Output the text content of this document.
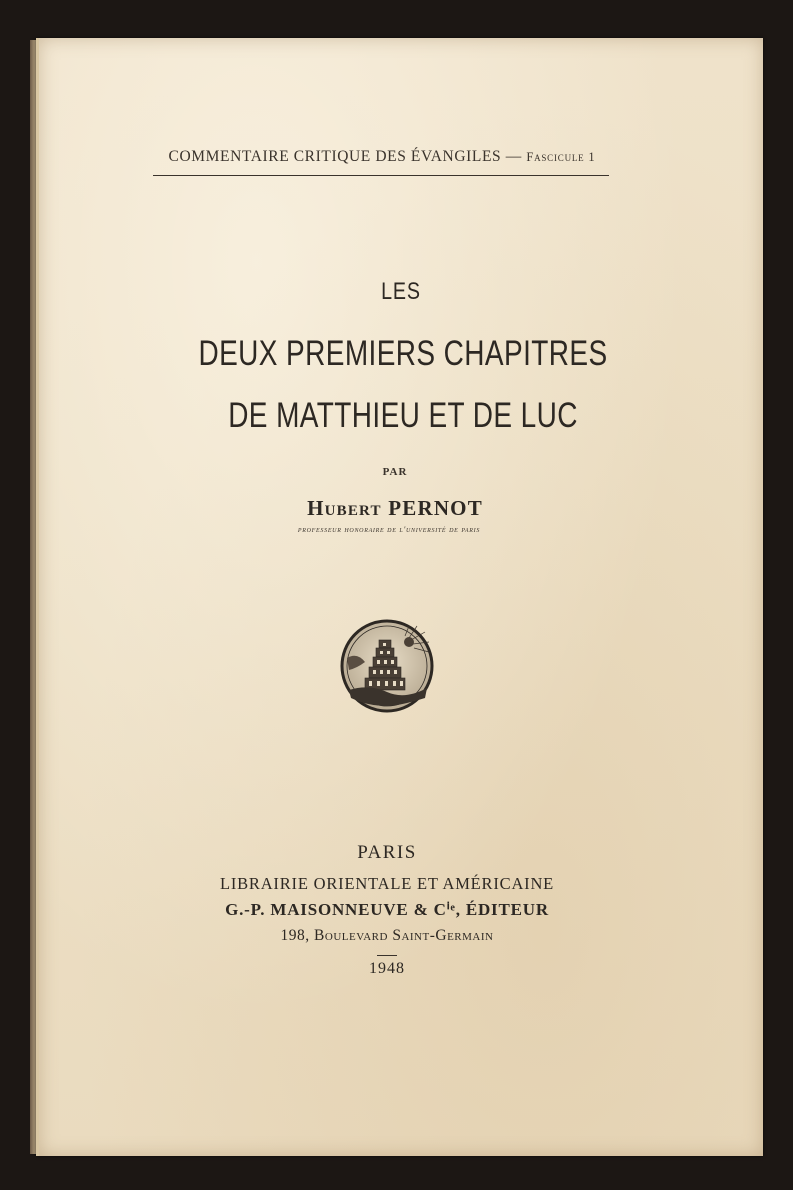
COMMENTAIRE CRITIQUE DES ÉVANGILES — Fascicule 1
LES
DEUX PREMIERS CHAPITRES
DE MATTHIEU ET DE LUC
PAR
Hubert PERNOT
professeur honoraire de l'université de paris
PARIS
LIBRAIRIE ORIENTALE ET AMÉRICAINE
G.-P. MAISONNEUVE & Cⁱᵉ, ÉDITEUR
198, Boulevard Saint-Germain
1948
